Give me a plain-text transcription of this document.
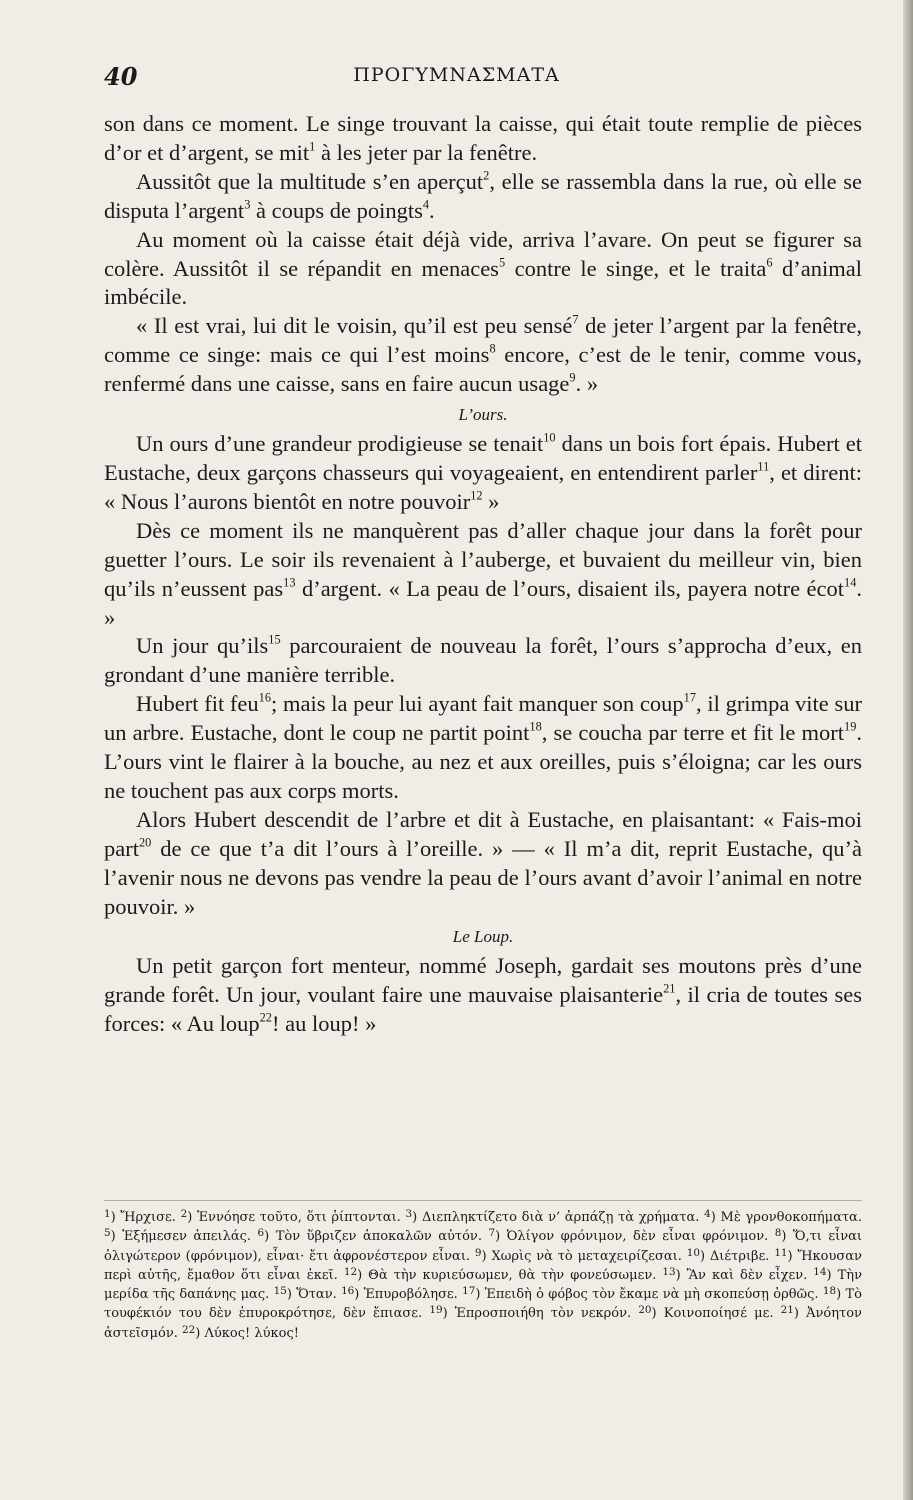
40	ΠΡΟΓΥΜΝΑΣΜΑΤΑ

son dans ce moment. Le singe trouvant la caisse, qui était toute remplie de pièces d’or et d’argent, se mit$^1$ à les jeter par la fenêtre.

Aussitôt que la multitude s’en aperçut$^2$, elle se rassembla dans la rue, où elle se disputa l’argent$^3$ à coups de poingts$^4$.

Au moment où la caisse était déjà vide, arriva l’avare. On peut se figurer sa colère. Aussitôt il se répandit en menaces$^5$ contre le singe, et le traita$^6$ d’animal imbécile.

« Il est vrai, lui dit le voisin, qu’il est peu sensé$^7$ de jeter l’argent par la fenêtre, comme ce singe: mais ce qui l’est moins$^8$ encore, c’est de le tenir, comme vous, renfermé dans une caisse, sans en faire aucun usage$^9$. »

L’ours.

Un ours d’une grandeur prodigieuse se tenait$^{10}$ dans un bois fort épais. Hubert et Eustache, deux garçons chasseurs qui voyageaient, en entendirent parler$^{11}$, et dirent: « Nous l’aurons bientôt en notre pouvoir$^{12}$ »

Dès ce moment ils ne manquèrent pas d’aller chaque jour dans la forêt pour guetter l’ours. Le soir ils revenaient à l’auberge, et buvaient du meilleur vin, bien qu’ils n’eussent pas$^{13}$ d’argent. « La peau de l’ours, disaient ils, payera notre écot$^{14}$. »

Un jour qu’ils$^{15}$ parcouraient de nouveau la forêt, l’ours s’approcha d’eux, en grondant d’une manière terrible.

Hubert fit feu$^{16}$; mais la peur lui ayant fait manquer son coup$^{17}$, il grimpa vite sur un arbre. Eustache, dont le coup ne partit point$^{18}$, se coucha par terre et fit le mort$^{19}$. L’ours vint le flairer à la bouche, au nez et aux oreilles, puis s’éloigna; car les ours ne touchent pas aux corps morts.

Alors Hubert descendit de l’arbre et dit à Eustache, en plaisantant: « Fais-moi part$^{20}$ de ce que t’a dit l’ours à l’oreille. » — « Il m’a dit, reprit Eustache, qu’à l’avenir nous ne devons pas vendre la peau de l’ours avant d’avoir l’animal en notre pouvoir. »

Le Loup.

Un petit garçon fort menteur, nommé Joseph, gardait ses moutons près d’une grande forêt. Un jour, voulant faire une mauvaise plaisanterie$^{21}$, il cria de toutes ses forces: « Au loup$^{22}$! au loup! »

$^1$) Ἤρχισε. $^2$) Ἐννόησε τοῦτο, ὅτι ῥίπτονται. $^3$) Διεπληκτίζετο διὰ ν’ ἁρπάζῃ τὰ χρήματα. $^4$) Μὲ γρονθοκοπήματα. $^5$) Ἐξήμεσεν ἀπειλάς. $^6$) Τὸν ὕβριζεν ἀποκαλῶν αὐτόν. $^7$) Ὀλίγον φρόνιμον, δὲν εἶναι φρόνιμον. $^8$) Ὅ,τι εἶναι ὀλιγώτερον (φρόνιμον), εἶναι· ἔτι ἀφρονέστερον εἶναι. $^9$) Χωρὶς νὰ τὸ μεταχειρίζεσαι. $^{10}$) Διέτριβε. $^{11}$) Ἤκουσαν περὶ αὐτῆς, ἔμαθον ὅτι εἶναι ἐκεῖ. $^{12}$) Θὰ τὴν κυριεύσωμεν, θὰ τὴν φονεύσωμεν. $^{13}$) Ἂν καὶ δὲν εἶχεν. $^{14}$) Τὴν μερίδα τῆς δαπάνης μας. $^{15}$) Ὅταν. $^{16}$) Ἐπυροβόλησε. $^{17}$) Ἐπειδὴ ὁ φόβος τὸν ἔκαμε νὰ μὴ σκοπεύσῃ ὀρθῶς. $^{18}$) Τὸ τουφέκιόν του δὲν ἐπυροκρότησε, δὲν ἔπιασε. $^{19}$) Ἐπροσποιήθη τὸν νεκρόν. $^{20}$) Κοινοποίησέ με. $^{21}$) Ἀνόητον ἀστεῖσμόν. $^{22}$) Λύκος! λύκος!
